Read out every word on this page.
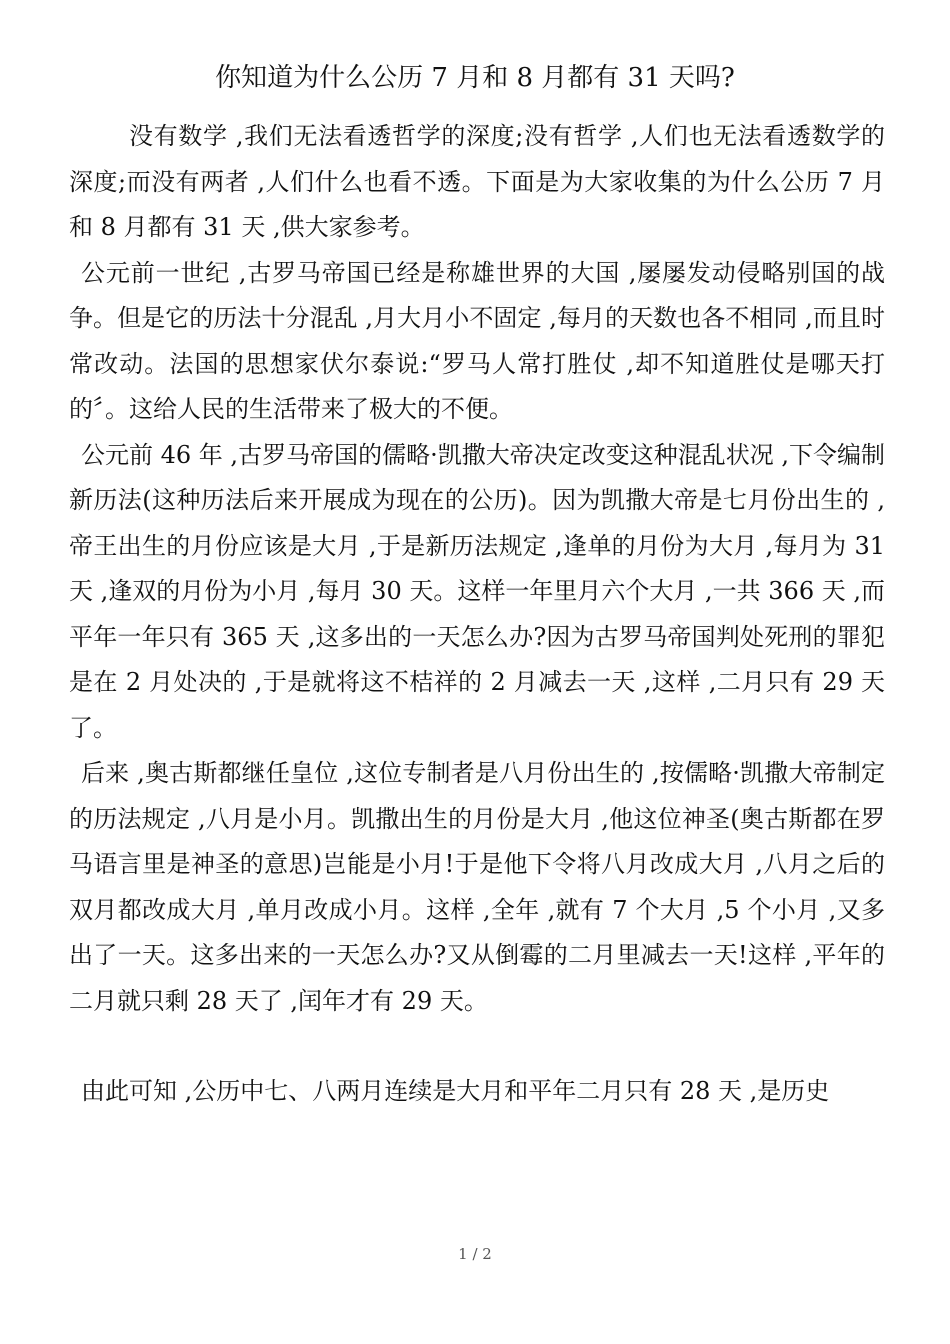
你知道为什么公历 7 月和 8 月都有 31 天吗?

没有数学 ,我们无法看透哲学的深度;没有哲学 ,人们也无法看透数学的深度;而没有两者 ,人们什么也看不透。下面是为大家收集的为什么公历 7 月和 8 月都有 31 天 ,供大家参考。

公元前一世纪 ,古罗马帝国已经是称雄世界的大国 ,屡屡发动侵略别国的战争。但是它的历法十分混乱 ,月大月小不固定 ,每月的天数也各不相同 ,而且时常改动。法国的思想家伏尔泰说:“罗马人常打胜仗 ,却不知道胜仗是哪天打的〞。这给人民的生活带来了极大的不便。

公元前 46 年 ,古罗马帝国的儒略·凯撒大帝决定改变这种混乱状况 ,下令编制新历法(这种历法后来开展成为现在的公历)。因为凯撒大帝是七月份出生的 ,帝王出生的月份应该是大月 ,于是新历法规定 ,逢单的月份为大月 ,每月为 31 天 ,逢双的月份为小月 ,每月 30 天。这样一年里月六个大月 ,一共 366 天 ,而平年一年只有 365 天 ,这多出的一天怎么办?因为古罗马帝国判处死刑的罪犯是在 2 月处决的 ,于是就将这不桔祥的 2 月减去一天 ,这样 ,二月只有 29 天了。

后来 ,奥古斯都继任皇位 ,这位专制者是八月份出生的 ,按儒略·凯撒大帝制定的历法规定 ,八月是小月。凯撒出生的月份是大月 ,他这位神圣(奥古斯都在罗马语言里是神圣的意思)岂能是小月!于是他下令将八月改成大月 ,八月之后的双月都改成大月 ,单月改成小月。这样 ,全年 ,就有 7 个大月 ,5 个小月 ,又多出了一天。这多出来的一天怎么办?又从倒霉的二月里减去一天!这样 ,平年的二月就只剩 28 天了 ,闰年才有 29 天。

由此可知 ,公历中七、八两月连续是大月和平年二月只有 28 天 ,是历史

1 / 2
